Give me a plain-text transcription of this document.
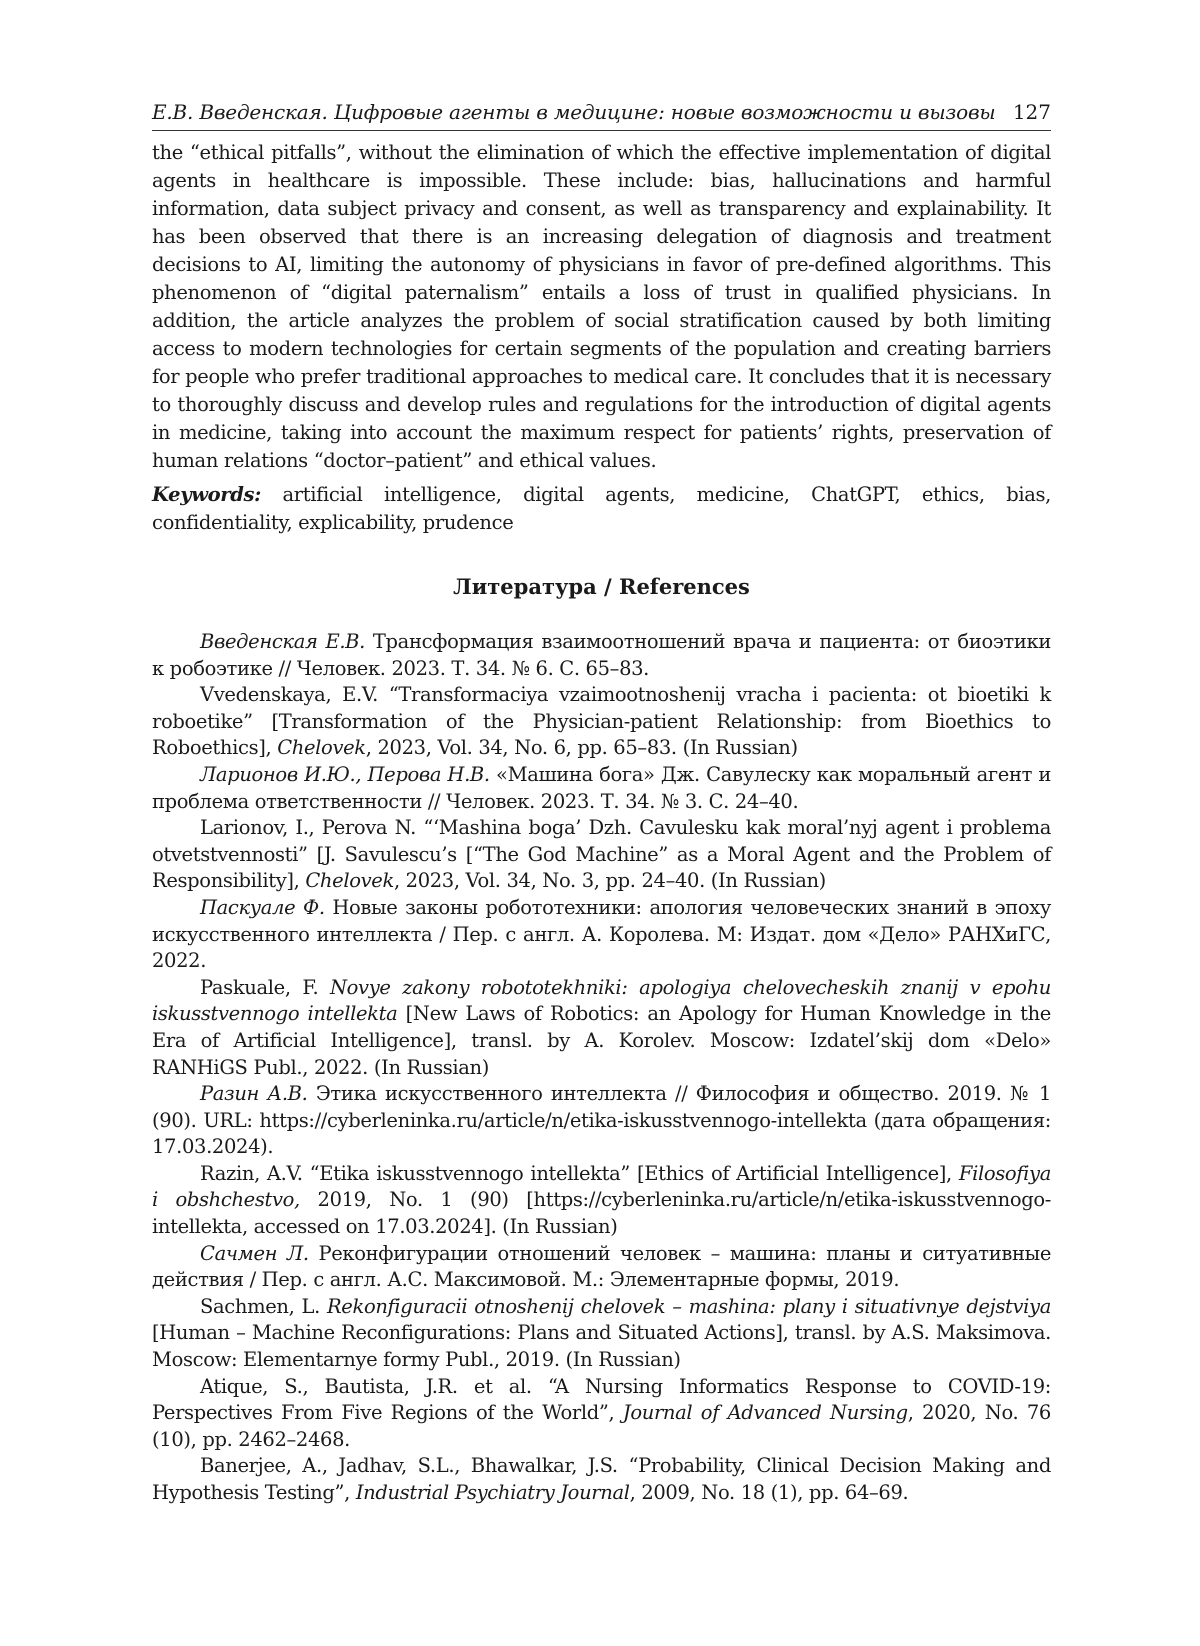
Е.В. Введенская. Цифровые агенты в медицине: новые возможности и вызовы 127

the “ethical pitfalls”, without the elimination of which the effective implementation of digital agents in healthcare is impossible. These include: bias, hallucinations and harmful information, data subject privacy and consent, as well as transparency and explainability. It has been observed that there is an increasing delegation of diagnosis and treatment decisions to AI, limiting the autonomy of physicians in favor of pre-defined algorithms. This phenomenon of “digital paternalism” entails a loss of trust in qualified physicians. In addition, the article analyzes the problem of social stratification caused by both limiting access to modern technologies for certain segments of the population and creating barriers for people who prefer traditional approaches to medical care. It concludes that it is necessary to thoroughly discuss and develop rules and regulations for the introduction of digital agents in medicine, taking into account the maximum respect for patients’ rights, preservation of human relations “doctor–patient” and ethical values.

Keywords: artificial intelligence, digital agents, medicine, ChatGPT, ethics, bias, confidentiality, explicability, prudence

Литература / References
Введенская Е.В. Трансформация взаимоотношений врача и пациента: от биоэтики к робоэтике // Человек. 2023. Т. 34. № 6. С. 65–83.
Vvedenskaya, E.V. “Transformaciya vzaimootnoshenij vracha i pacienta: ot bioetiki k roboetike” [Transformation of the Physician-patient Relationship: from Bioethics to Roboethics], Chelovek, 2023, Vol. 34, No. 6, pp. 65–83. (In Russian)
Ларионов И.Ю., Перова Н.В. «Машина бога» Дж. Савулеску как моральный агент и проблема ответственности // Человек. 2023. Т. 34. № 3. С. 24–40.
Larionov, I., Perova N. “‘Mashina boga’ Dzh. Cavulesku kak moral’nyj agent i problema otvetstvennosti” [J. Savulescu’s [“The God Machine” as a Moral Agent and the Problem of Responsibility], Chelovek, 2023, Vol. 34, No. 3, pp. 24–40. (In Russian)
Паскуале Ф. Новые законы робототехники: апология человеческих знаний в эпоху искусственного интеллекта / Пер. с англ. А. Королева. М: Издат. дом «Дело» РАНХиГС, 2022.
Paskuale, F. Novye zakony robototekhniki: apologiya chelovecheskih znanij v epohu iskusstvennogo intellekta [New Laws of Robotics: an Apology for Human Knowledge in the Era of Artificial Intelligence], transl. by A. Korolev. Moscow: Izdatel’skij dom «Delo» RANHiGS Publ., 2022. (In Russian)
Разин А.В. Этика искусственного интеллекта // Философия и общество. 2019. № 1 (90). URL: https://cyberleninka.ru/article/n/etika-iskusstvennogo-intellekta (дата обращения: 17.03.2024).
Razin, A.V. “Etika iskusstvennogo intellekta” [Ethics of Artificial Intelligence], Filosofiya i obshchestvo, 2019, No. 1 (90) [https://cyberleninka.ru/article/n/etika-iskusstvennogo-intellekta, accessed on 17.03.2024]. (In Russian)
Сачмен Л. Реконфигурации отношений человек – машина: планы и ситуативные действия / Пер. с англ. А.С. Максимовой. М.: Элементарные формы, 2019.
Sachmen, L. Rekonfiguracii otnoshenij chelovek – mashina: plany i situativnye dejstviya [Human – Machine Reconfigurations: Plans and Situated Actions], transl. by A.S. Maksimova. Moscow: Elementarnye formy Publ., 2019. (In Russian)
Atique, S., Bautista, J.R. et al. “A Nursing Informatics Response to COVID-19: Perspectives From Five Regions of the World”, Journal of Advanced Nursing, 2020, No. 76 (10), pp. 2462–2468.
Banerjee, A., Jadhav, S.L., Bhawalkar, J.S. “Probability, Clinical Decision Making and Hypothesis Testing”, Industrial Psychiatry Journal, 2009, No. 18 (1), pp. 64–69.
